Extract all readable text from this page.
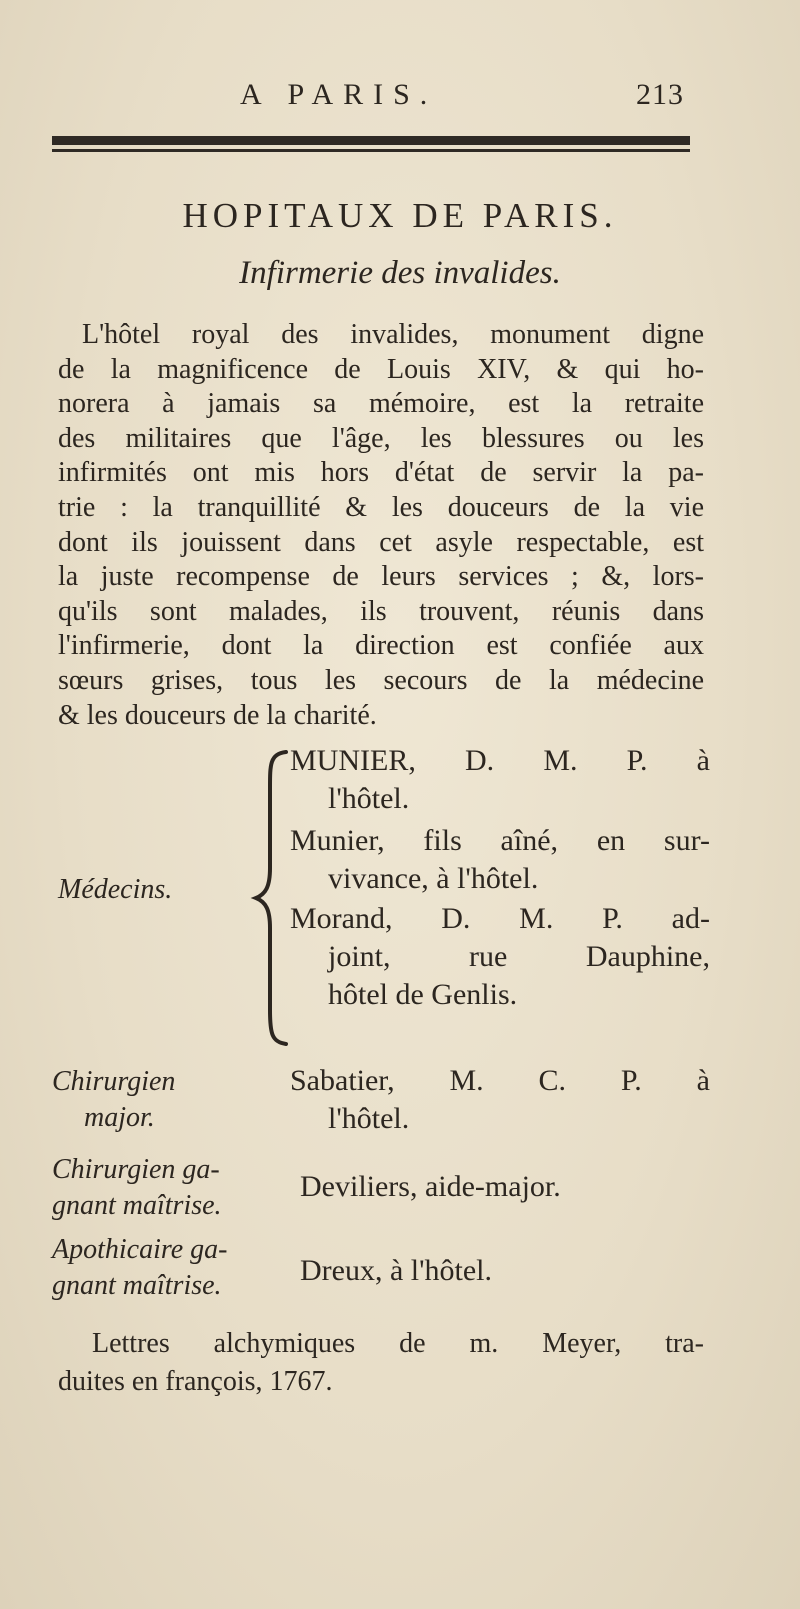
A PARIS.	213
HOPITAUX DE PARIS.
Infirmerie des invalides.
L'hôtel royal des invalides, monument digne
de la magnificence de Louis XIV, & qui ho-
norera à jamais sa mémoire, est la retraite
des militaires que l'âge, les blessures ou les
infirmités ont mis hors d'état de servir la pa-
trie : la tranquillité & les douceurs de la vie
dont ils jouissent dans cet asyle respectable, est
la juste recompense de leurs services ; &, lors-
qu'ils sont malades, ils trouvent, réunis dans
l'infirmerie, dont la direction est confiée aux
sœurs grises, tous les secours de la médecine
& les douceurs de la charité.
Médecins.
MUNIER, D. M. P. à
l'hôtel.
Munier, fils aîné, en sur-
vivance, à l'hôtel.
Morand, D. M. P. ad-
joint, rue Dauphine,
hôtel de Genlis.
Chirurgien
major.
Sabatier, M. C. P. à
l'hôtel.
Chirurgien ga-
gnant maîtrise.
Deviliers, aide-major.
Apothicaire ga-
gnant maîtrise.	Dreux, à l'hôtel.
Lettres alchymiques de m. Meyer, tra-
duites en françois, 1767.
